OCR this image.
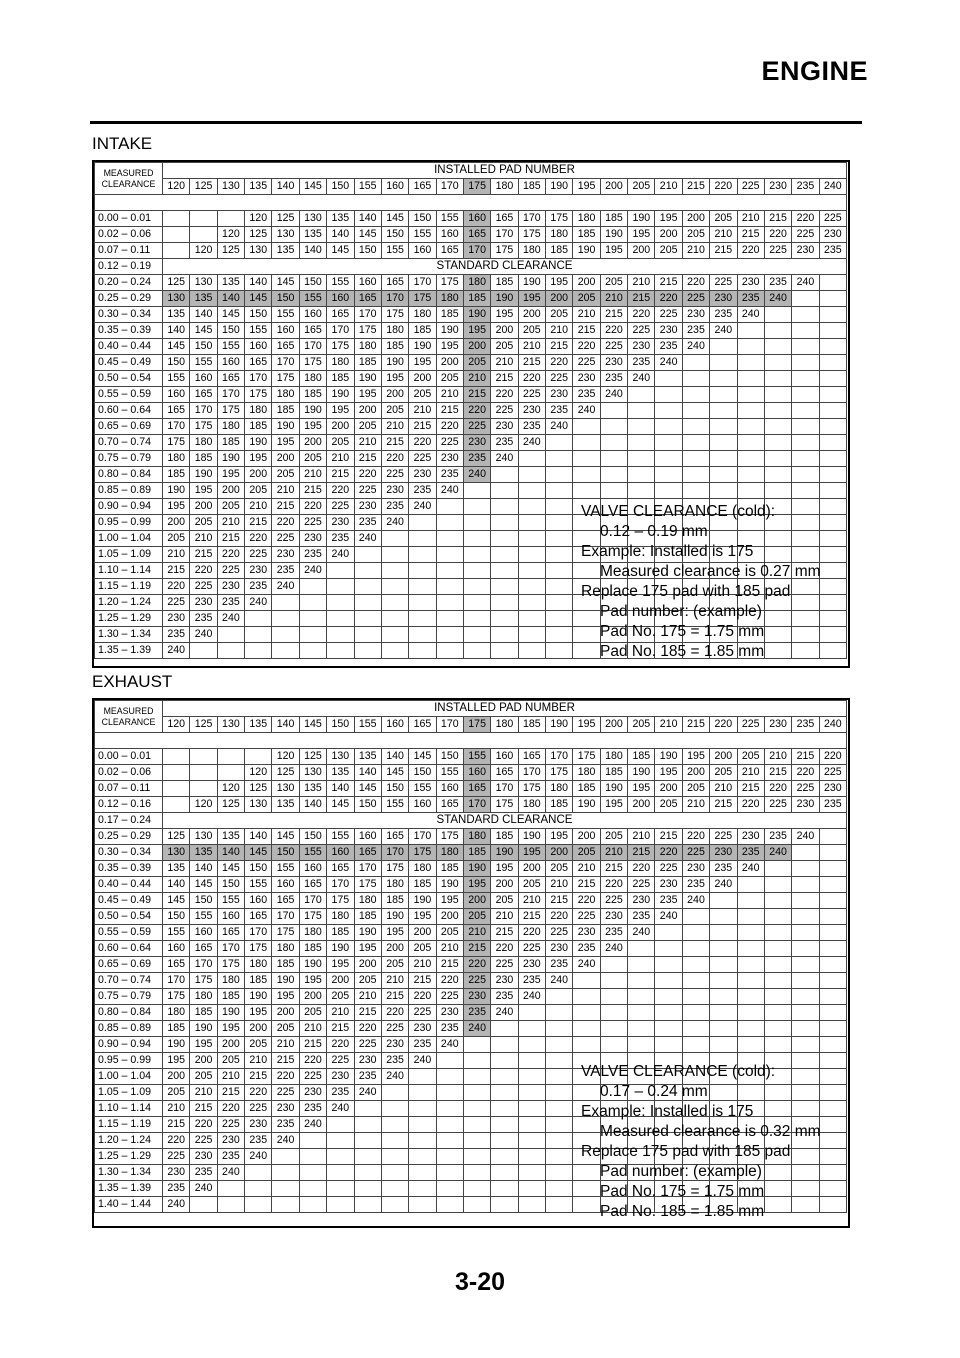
ENGINE
INTAKE
MEASURED
CLEARANCE	INSTALLED PAD NUMBER																								
	120	125	130	135	140	145	150	155	160	165	170	175	180	185	190	195	200	205	210	215	220	225	230	235	240

0.00 – 0.01				120	125	130	135	140	145	150	155	160	165	170	175	180	185	190	195	200	205	210	215	220	225
0.02 – 0.06			120	125	130	135	140	145	150	155	160	165	170	175	180	185	190	195	200	205	210	215	220	225	230
0.07 – 0.11		120	125	130	135	140	145	150	155	160	165	170	175	180	185	190	195	200	205	210	215	220	225	230	235
0.12 – 0.19	STANDARD CLEARANCE																								
0.20 – 0.24	125	130	135	140	145	150	155	160	165	170	175	180	185	190	195	200	205	210	215	220	225	230	235	240	
0.25 – 0.29	130	135	140	145	150	155	160	165	170	175	180	185	190	195	200	205	210	215	220	225	230	235	240		
0.30 – 0.34	135	140	145	150	155	160	165	170	175	180	185	190	195	200	205	210	215	220	225	230	235	240			
0.35 – 0.39	140	145	150	155	160	165	170	175	180	185	190	195	200	205	210	215	220	225	230	235	240				
0.40 – 0.44	145	150	155	160	165	170	175	180	185	190	195	200	205	210	215	220	225	230	235	240					
0.45 – 0.49	150	155	160	165	170	175	180	185	190	195	200	205	210	215	220	225	230	235	240						
0.50 – 0.54	155	160	165	170	175	180	185	190	195	200	205	210	215	220	225	230	235	240							
0.55 – 0.59	160	165	170	175	180	185	190	195	200	205	210	215	220	225	230	235	240								
0.60 – 0.64	165	170	175	180	185	190	195	200	205	210	215	220	225	230	235	240									
0.65 – 0.69	170	175	180	185	190	195	200	205	210	215	220	225	230	235	240										
0.70 – 0.74	175	180	185	190	195	200	205	210	215	220	225	230	235	240											
0.75 – 0.79	180	185	190	195	200	205	210	215	220	225	230	235	240												
0.80 – 0.84	185	190	195	200	205	210	215	220	225	230	235	240													
0.85 – 0.89	190	195	200	205	210	215	220	225	230	235	240														
0.90 – 0.94	195	200	205	210	215	220	225	230	235	240															
0.95 – 0.99	200	205	210	215	220	225	230	235	240																
1.00 – 1.04	205	210	215	220	225	230	235	240																	
1.05 – 1.09	210	215	220	225	230	235	240																		
1.10 – 1.14	215	220	225	230	235	240																			
1.15 – 1.19	220	225	230	235	240																				
1.20 – 1.24	225	230	235	240																					
1.25 – 1.29	230	235	240																						
1.30 – 1.34	235	240																							
1.35 – 1.39	240																								
VALVE CLEARANCE (cold):
0.12 – 0.19 mm
Example: Installed is 175
Measured clearance is 0.27 mm
Replace 175 pad with 185 pad
Pad number: (example)
Pad No. 175 = 1.75 mm
Pad No. 185 = 1.85 mm
EXHAUST
MEASURED
CLEARANCE	INSTALLED PAD NUMBER																								
	120	125	130	135	140	145	150	155	160	165	170	175	180	185	190	195	200	205	210	215	220	225	230	235	240

0.00 – 0.01					120	125	130	135	140	145	150	155	160	165	170	175	180	185	190	195	200	205	210	215	220
0.02 – 0.06				120	125	130	135	140	145	150	155	160	165	170	175	180	185	190	195	200	205	210	215	220	225
0.07 – 0.11			120	125	130	135	140	145	150	155	160	165	170	175	180	185	190	195	200	205	210	215	220	225	230
0.12 – 0.16		120	125	130	135	140	145	150	155	160	165	170	175	180	185	190	195	200	205	210	215	220	225	230	235
0.17 – 0.24	STANDARD CLEARANCE																								
0.25 – 0.29	125	130	135	140	145	150	155	160	165	170	175	180	185	190	195	200	205	210	215	220	225	230	235	240	
0.30 – 0.34	130	135	140	145	150	155	160	165	170	175	180	185	190	195	200	205	210	215	220	225	230	235	240		
0.35 – 0.39	135	140	145	150	155	160	165	170	175	180	185	190	195	200	205	210	215	220	225	230	235	240			
0.40 – 0.44	140	145	150	155	160	165	170	175	180	185	190	195	200	205	210	215	220	225	230	235	240				
0.45 – 0.49	145	150	155	160	165	170	175	180	185	190	195	200	205	210	215	220	225	230	235	240					
0.50 – 0.54	150	155	160	165	170	175	180	185	190	195	200	205	210	215	220	225	230	235	240						
0.55 – 0.59	155	160	165	170	175	180	185	190	195	200	205	210	215	220	225	230	235	240							
0.60 – 0.64	160	165	170	175	180	185	190	195	200	205	210	215	220	225	230	235	240								
0.65 – 0.69	165	170	175	180	185	190	195	200	205	210	215	220	225	230	235	240									
0.70 – 0.74	170	175	180	185	190	195	200	205	210	215	220	225	230	235	240										
0.75 – 0.79	175	180	185	190	195	200	205	210	215	220	225	230	235	240											
0.80 – 0.84	180	185	190	195	200	205	210	215	220	225	230	235	240												
0.85 – 0.89	185	190	195	200	205	210	215	220	225	230	235	240													
0.90 – 0.94	190	195	200	205	210	215	220	225	230	235	240														
0.95 – 0.99	195	200	205	210	215	220	225	230	235	240															
1.00 – 1.04	200	205	210	215	220	225	230	235	240																
1.05 – 1.09	205	210	215	220	225	230	235	240																	
1.10 – 1.14	210	215	220	225	230	235	240																		
1.15 – 1.19	215	220	225	230	235	240																			
1.20 – 1.24	220	225	230	235	240																				
1.25 – 1.29	225	230	235	240																					
1.30 – 1.34	230	235	240																						
1.35 – 1.39	235	240																							
1.40 – 1.44	240																								
VALVE CLEARANCE (cold):
0.17 – 0.24 mm
Example: Installed is 175
Measured clearance is 0.32 mm
Replace 175 pad with 185 pad
Pad number: (example)
Pad No. 175 = 1.75 mm
Pad No. 185 = 1.85 mm
3-20
